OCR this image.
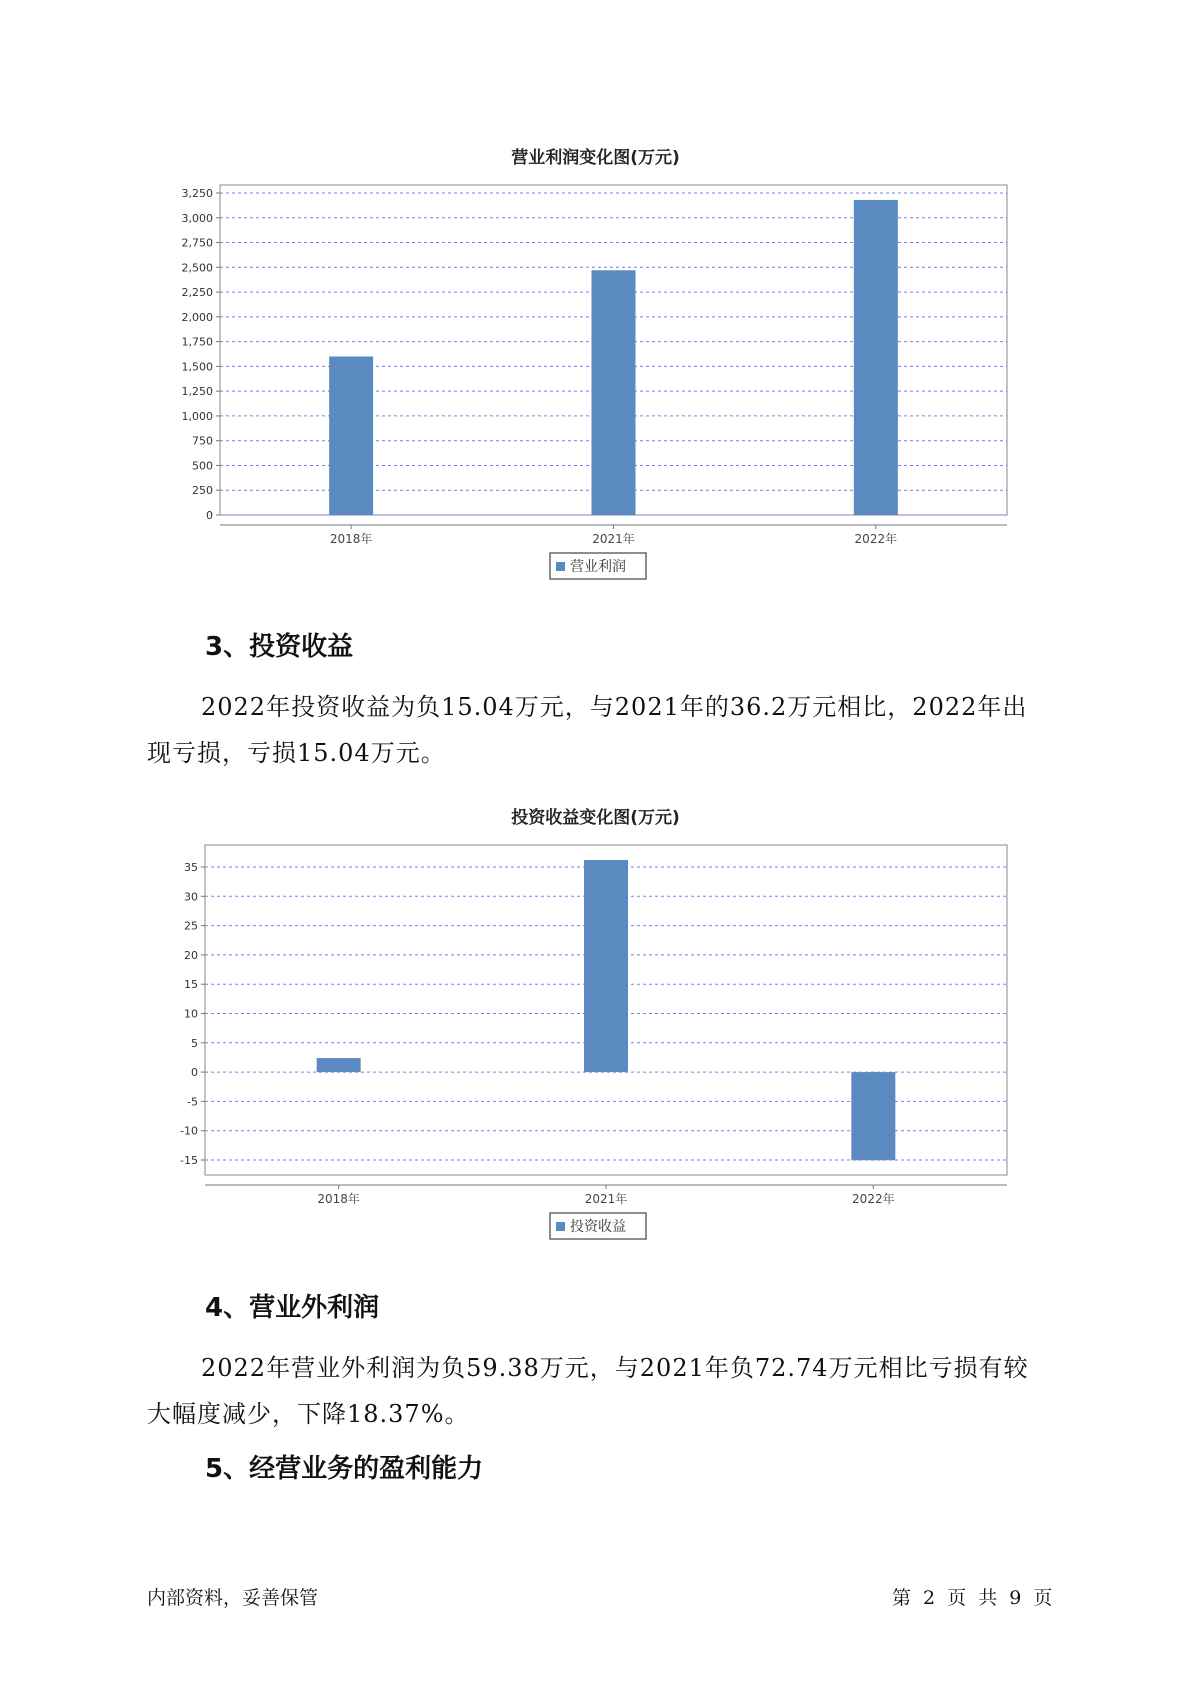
营业利润变化图(万元)
0
250
500
750
1,000
1,250
1,500
1,750
2,000
2,250
2,500
2,750
3,000
3,250
2018年	2021年	2022年
营业利润
3、投资收益

2022年投资收益为负15.04万元，与2021年的36.2万元相比，2022年出现亏损，亏损15.04万元。

投资收益变化图(万元)
-15
-10
-5
0
5
10
15
20
25
30
35
2018年	2021年	2022年
投资收益
4、营业外利润

2022年营业外利润为负59.38万元，与2021年负72.74万元相比亏损有较大幅度减少，下降18.37%。

5、经营业务的盈利能力
内部资料，妥善保管	第 2 页 共 9 页
